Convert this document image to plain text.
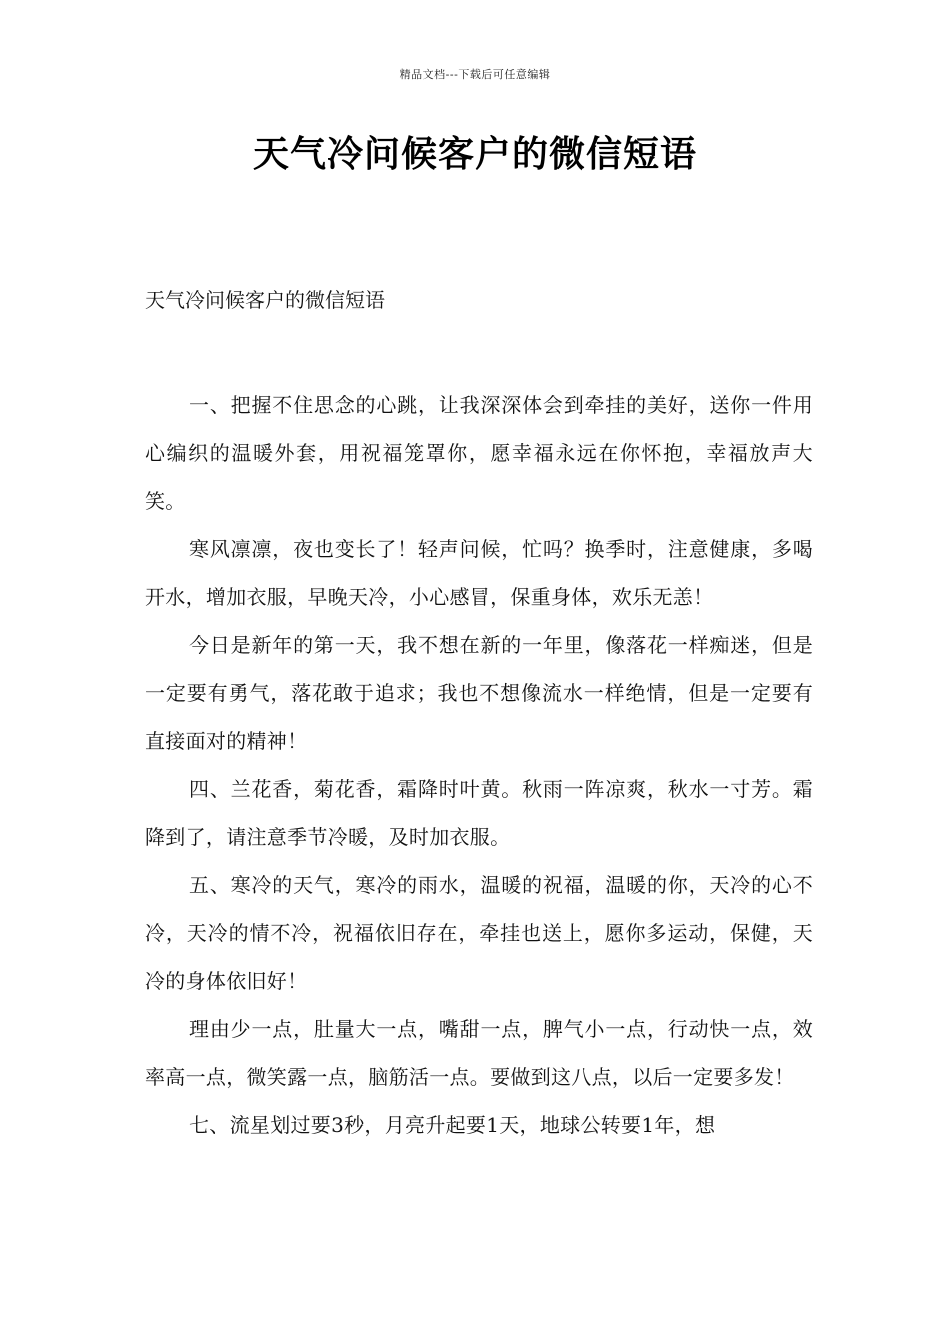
精品文档---下载后可任意编辑
天气冷问候客户的微信短语
天气冷问候客户的微信短语

一、把握不住思念的心跳，让我深深体会到牵挂的美好，送你一件用心编织的温暖外套，用祝福笼罩你，愿幸福永远在你怀抱，幸福放声大笑。

寒风凛凛，夜也变长了！轻声问候，忙吗？换季时，注意健康，多喝开水，增加衣服，早晚天冷，小心感冒，保重身体，欢乐无恙！

今日是新年的第一天，我不想在新的一年里，像落花一样痴迷，但是一定要有勇气，落花敢于追求；我也不想像流水一样绝情，但是一定要有直接面对的精神！

四、兰花香，菊花香，霜降时叶黄。秋雨一阵凉爽，秋水一寸芳。霜降到了，请注意季节冷暖，及时加衣服。

五、寒冷的天气，寒冷的雨水，温暖的祝福，温暖的你，天冷的心不冷，天冷的情不冷，祝福依旧存在，牵挂也送上，愿你多运动，保健，天冷的身体依旧好！

理由少一点，肚量大一点，嘴甜一点，脾气小一点，行动快一点，效率高一点，微笑露一点，脑筋活一点。要做到这八点，以后一定要多发！

七、流星划过要3秒，月亮升起要1天，地球公转要1年，想
